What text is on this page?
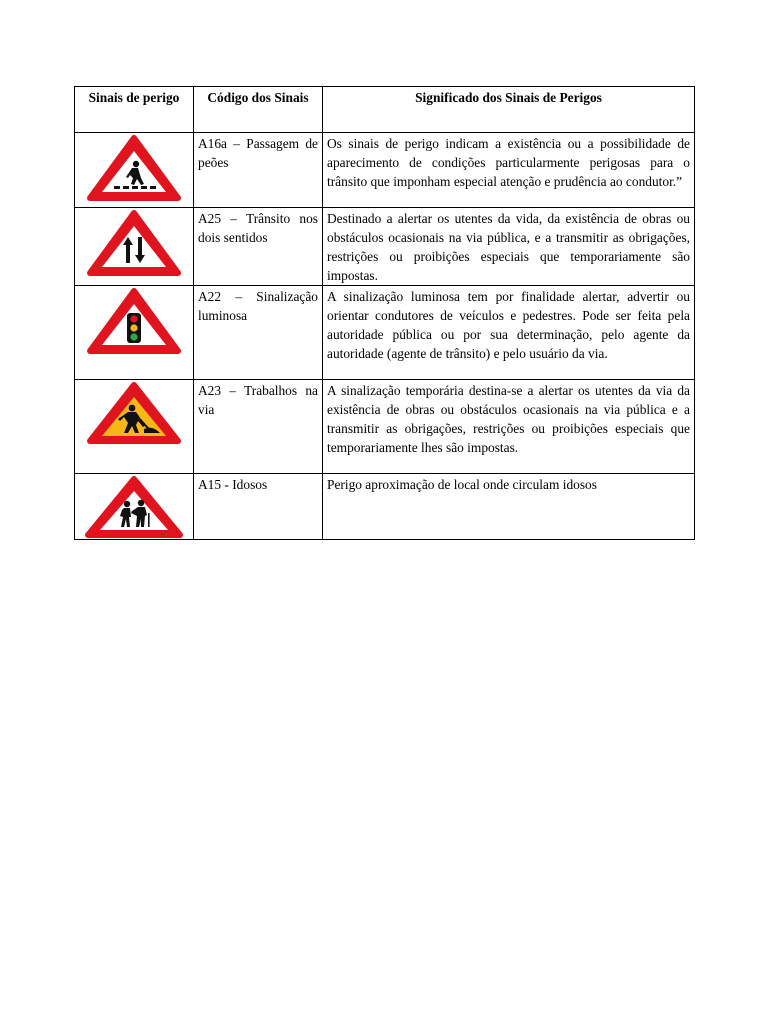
Sinais de perigo	Código dos Sinais	Significado dos Sinais de Perigos

	A16a – Passagem de peões	Os sinais de perigo indicam a existência ou a possibilidade de aparecimento de condições particularmente perigosas para o trânsito que imponham especial atenção e prudência ao condutor.”

	A25 – Trânsito nos dois sentidos	Destinado a alertar os utentes da vida, da existência de obras ou obstáculos ocasionais na via pública, e a transmitir as obrigações, restrições ou proibições especiais que temporariamente são impostas.

	A22 – Sinalização luminosa	A sinalização luminosa tem por finalidade alertar, advertir ou orientar condutores de veículos e pedestres. Pode ser feita pela autoridade pública ou por sua determinação, pelo agente da autoridade (agente de trânsito) e pelo usuário da via.

	A23 – Trabalhos na via	A sinalização temporária destina-se a alertar os utentes da via da existência de obras ou obstáculos ocasionais na via pública e a transmitir as obrigações, restrições ou proibições especiais que temporariamente lhes são impostas.

	A15 - Idosos	Perigo aproximação de local onde circulam idosos
